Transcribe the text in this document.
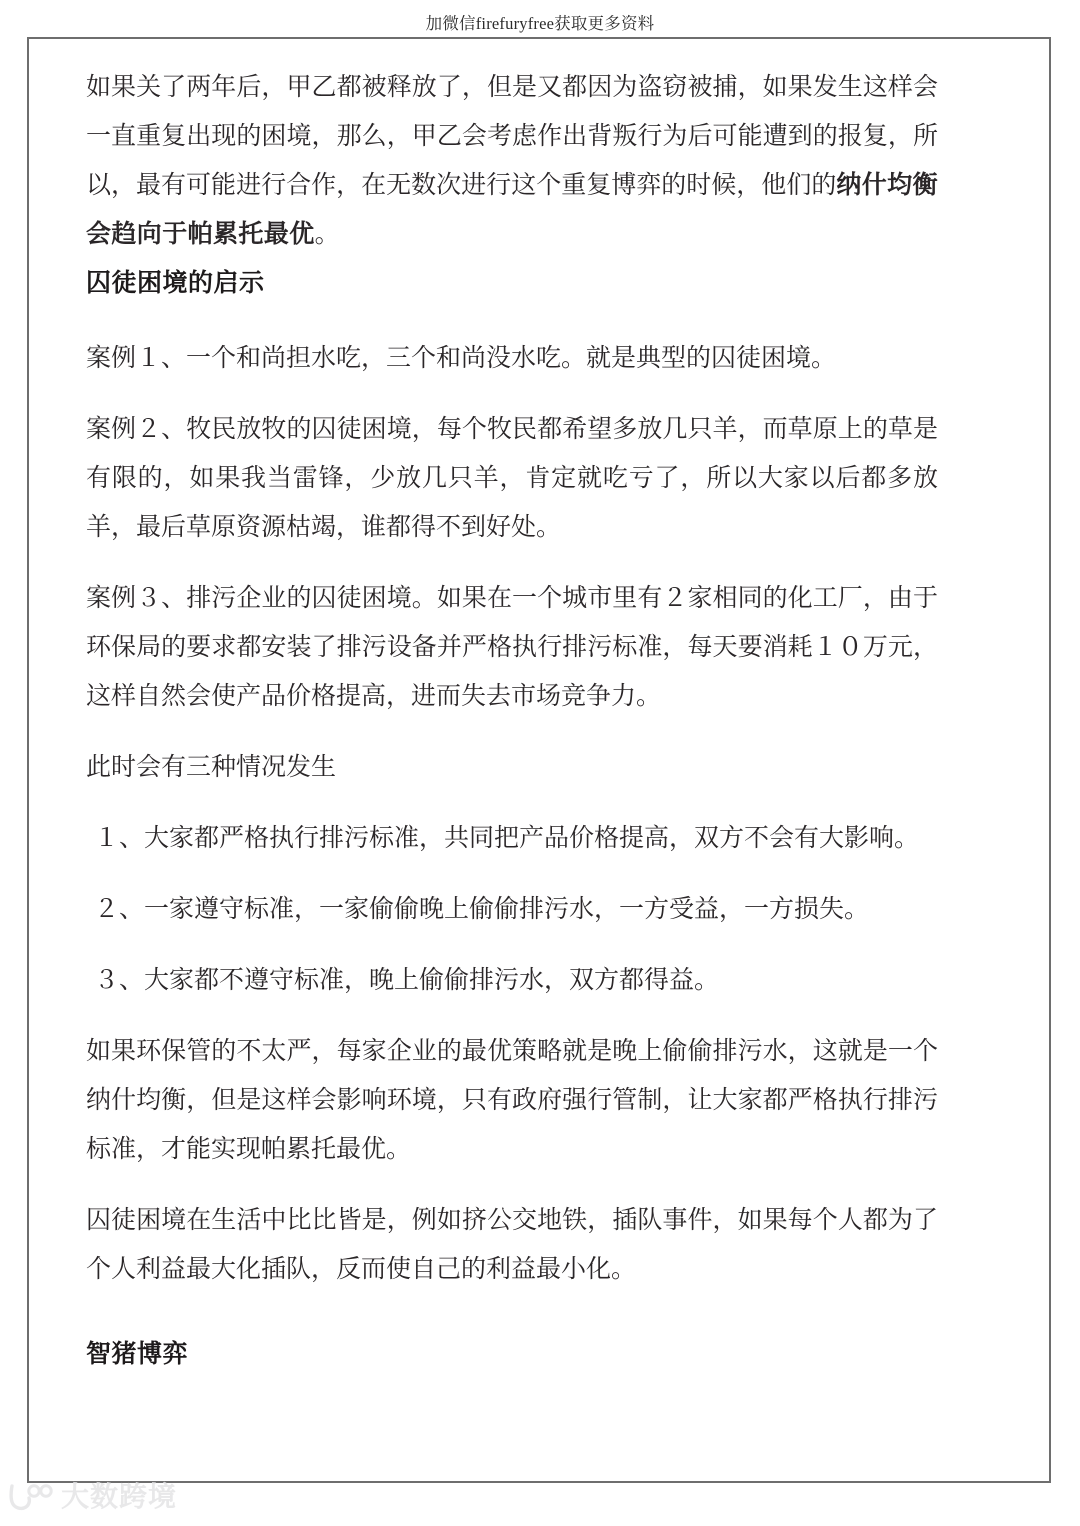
加微信firefuryfree获取更多资料

如果关了两年后，甲乙都被释放了，但是又都因为盗窃被捕，如果发生这样会一直重复出现的困境，那么，甲乙会考虑作出背叛行为后可能遭到的报复，所以，最有可能进行合作，在无数次进行这个重复博弈的时候，他们的纳什均衡会趋向于帕累托最优。

囚徒困境的启示

案例１、一个和尚担水吃，三个和尚没水吃。就是典型的囚徒困境。

案例２、牧民放牧的囚徒困境，每个牧民都希望多放几只羊，而草原上的草是有限的，如果我当雷锋，少放几只羊，肯定就吃亏了，所以大家以后都多放羊，最后草原资源枯竭，谁都得不到好处。

案例３、排污企业的囚徒困境。如果在一个城市里有２家相同的化工厂，由于环保局的要求都安装了排污设备并严格执行排污标准，每天要消耗１０万元，这样自然会使产品价格提高，进而失去市场竞争力。

此时会有三种情况发生

１、大家都严格执行排污标准，共同把产品价格提高，双方不会有大影响。

２、一家遵守标准，一家偷偷晚上偷偷排污水，一方受益，一方损失。

３、大家都不遵守标准，晚上偷偷排污水，双方都得益。

如果环保管的不太严，每家企业的最优策略就是晚上偷偷排污水，这就是一个纳什均衡，但是这样会影响环境，只有政府强行管制，让大家都严格执行排污标准，才能实现帕累托最优。

囚徒困境在生活中比比皆是，例如挤公交地铁，插队事件，如果每个人都为了个人利益最大化插队，反而使自己的利益最小化。

智猪博弈
大数跨境
